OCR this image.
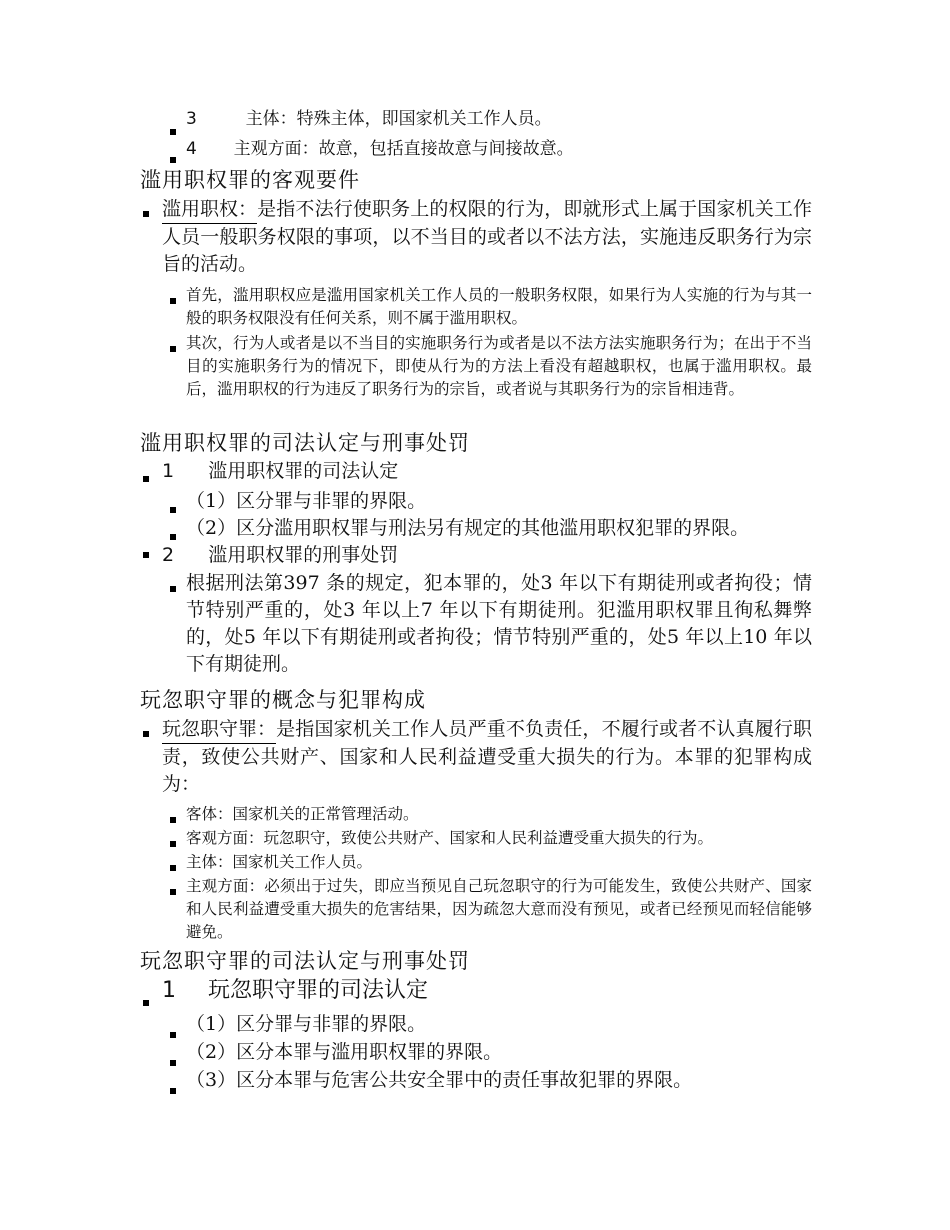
3	主体：特殊主体，即国家机关工作人员。
4 主观方面：故意，包括直接故意与间接故意。
滥用职权罪的客观要件
滥用职权：是指不法行使职务上的权限的行为，即就形式上属于国家机关工作人员一般职务权限的事项，以不当目的或者以不法方法，实施违反职务行为宗旨的活动。
首先，滥用职权应是滥用国家机关工作人员的一般职务权限，如果行为人实施的行为与其一般的职务权限没有任何关系，则不属于滥用职权。
其次，行为人或者是以不当目的实施职务行为或者是以不法方法实施职务行为；在出于不当目的实施职务行为的情况下，即使从行为的方法上看没有超越职权，也属于滥用职权。最后，滥用职权的行为违反了职务行为的宗旨，或者说与其职务行为的宗旨相违背。
滥用职权罪的司法认定与刑事处罚
1 滥用职权罪的司法认定
（1）区分罪与非罪的界限。
（2）区分滥用职权罪与刑法另有规定的其他滥用职权犯罪的界限。
2 滥用职权罪的刑事处罚
根据刑法第397 条的规定，犯本罪的，处3 年以下有期徒刑或者拘役；情节特别严重的，处3 年以上7 年以下有期徒刑。犯滥用职权罪且徇私舞弊的，处5 年以下有期徒刑或者拘役；情节特别严重的，处5 年以上10 年以下有期徒刑。
玩忽职守罪的概念与犯罪构成
玩忽职守罪：是指国家机关工作人员严重不负责任，不履行或者不认真履行职责，致使公共财产、国家和人民利益遭受重大损失的行为。本罪的犯罪构成为：
客体：国家机关的正常管理活动。
客观方面：玩忽职守，致使公共财产、国家和人民利益遭受重大损失的行为。
主体：国家机关工作人员。
主观方面：必须出于过失，即应当预见自己玩忽职守的行为可能发生，致使公共财产、国家和人民利益遭受重大损失的危害结果，因为疏忽大意而没有预见，或者已经预见而轻信能够避免。
玩忽职守罪的司法认定与刑事处罚
1 玩忽职守罪的司法认定
（1）区分罪与非罪的界限。
（2）区分本罪与滥用职权罪的界限。
（3）区分本罪与危害公共安全罪中的责任事故犯罪的界限。
